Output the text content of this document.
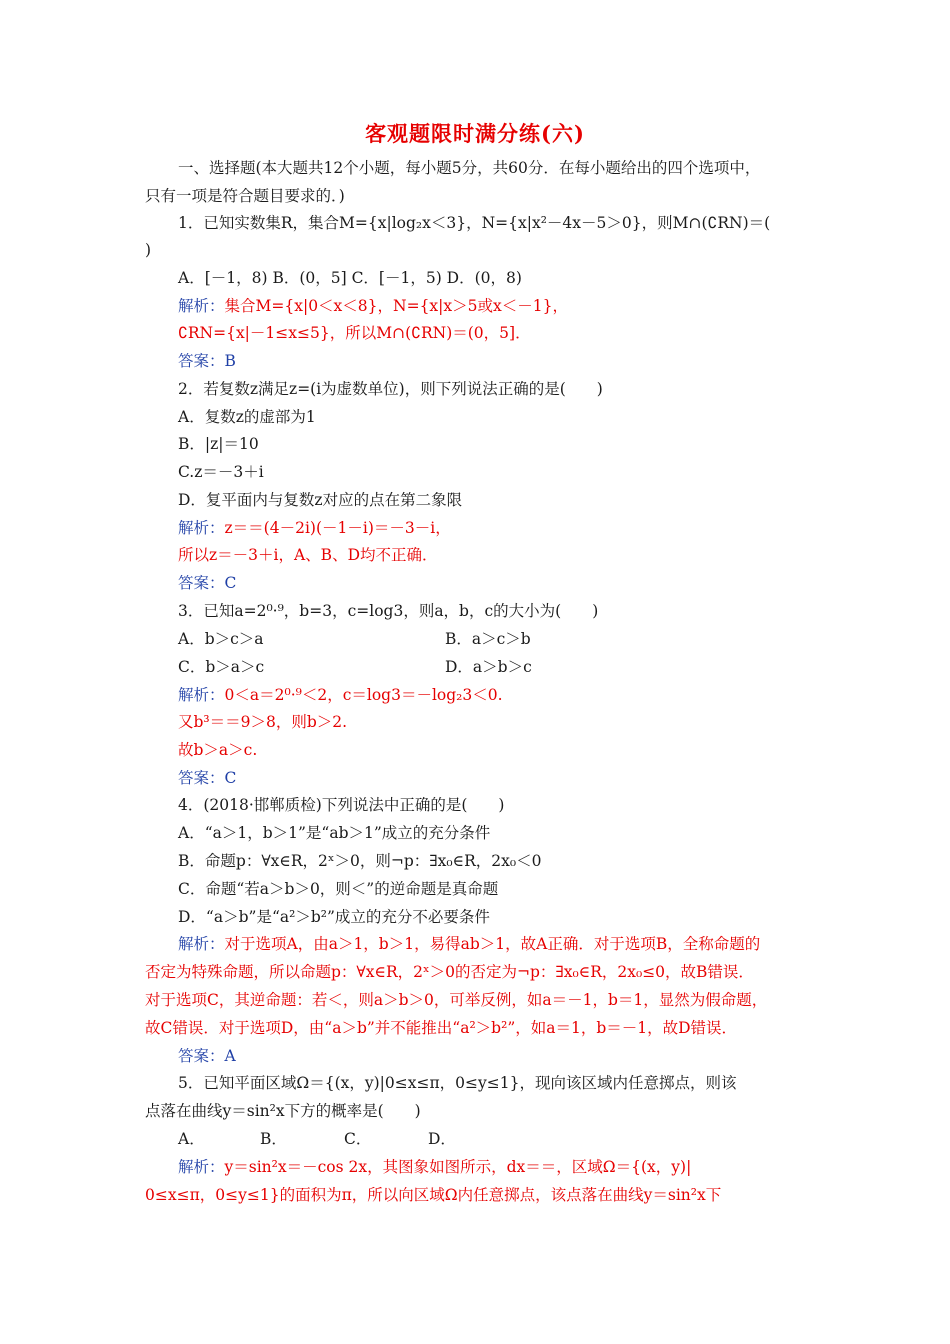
客观题限时满分练(六)
一、选择题(本大题共12个小题，每小题5分，共60分．在每小题给出的四个选项中，
只有一项是符合题目要求的．)
1．已知实数集R，集合M={x|log₂x＜3}，N={x|x²－4x－5＞0}，则M∩(∁RN)＝(
)
A．[－1，8) B．(0，5] C．[－1，5) D．(0，8)
解析：集合M={x|0＜x＜8}，N={x|x＞5或x＜－1}，
∁RN={x|－1≤x≤5}，所以M∩(∁RN)＝(0，5]．
答案：B
2．若复数z满足z=(i为虚数单位)，则下列说法正确的是(　　)
A．复数z的虚部为1
B．|z|＝10
C.z＝－3＋i
D．复平面内与复数z对应的点在第二象限
解析：z＝＝(4－2i)(－1－i)＝－3－i，
所以z＝－3＋i，A、B、D均不正确．
答案：C
3．已知a=2⁰·⁹，b=3，c=log3，则a，b，c的大小为(　　)
A．b＞c＞a	B．a＞c＞b
C．b＞a＞c	D．a＞b＞c
解析：0＜a＝2⁰·⁹＜2，c＝log3＝－log₂3＜0.
又b³＝＝9＞8，则b＞2.
故b＞a＞c.
答案：C
4．(2018·邯郸质检)下列说法中正确的是(　　)
A．“a＞1，b＞1”是“ab＞1”成立的充分条件
B．命题p：∀x∈R，2ˣ＞0，则¬p：∃x₀∈R，2x₀＜0
C．命题“若a＞b＞0，则＜”的逆命题是真命题
D．“a＞b”是“a²＞b²”成立的充分不必要条件
解析：对于选项A，由a＞1，b＞1，易得ab＞1，故A正确．对于选项B，全称命题的
否定为特殊命题，所以命题p：∀x∈R，2ˣ＞0的否定为¬p：∃x₀∈R，2x₀≤0，故B错误．
对于选项C，其逆命题：若＜，则a＞b＞0，可举反例，如a＝－1，b＝1，显然为假命题，
故C错误．对于选项D，由“a＞b”并不能推出“a²＞b²”，如a＝1，b＝－1，故D错误．
答案：A
5．已知平面区域Ω＝{(x，y)|0≤x≤π，0≤y≤1}，现向该区域内任意掷点，则该
点落在曲线y＝sin²x下方的概率是(　　)
A．	B．	C．	D．
解析：y＝sin²x＝－cos 2x，其图象如图所示，dx＝＝，区域Ω＝{(x，y)|
0≤x≤π，0≤y≤1}的面积为π，所以向区域Ω内任意掷点，该点落在曲线y＝sin²x下
